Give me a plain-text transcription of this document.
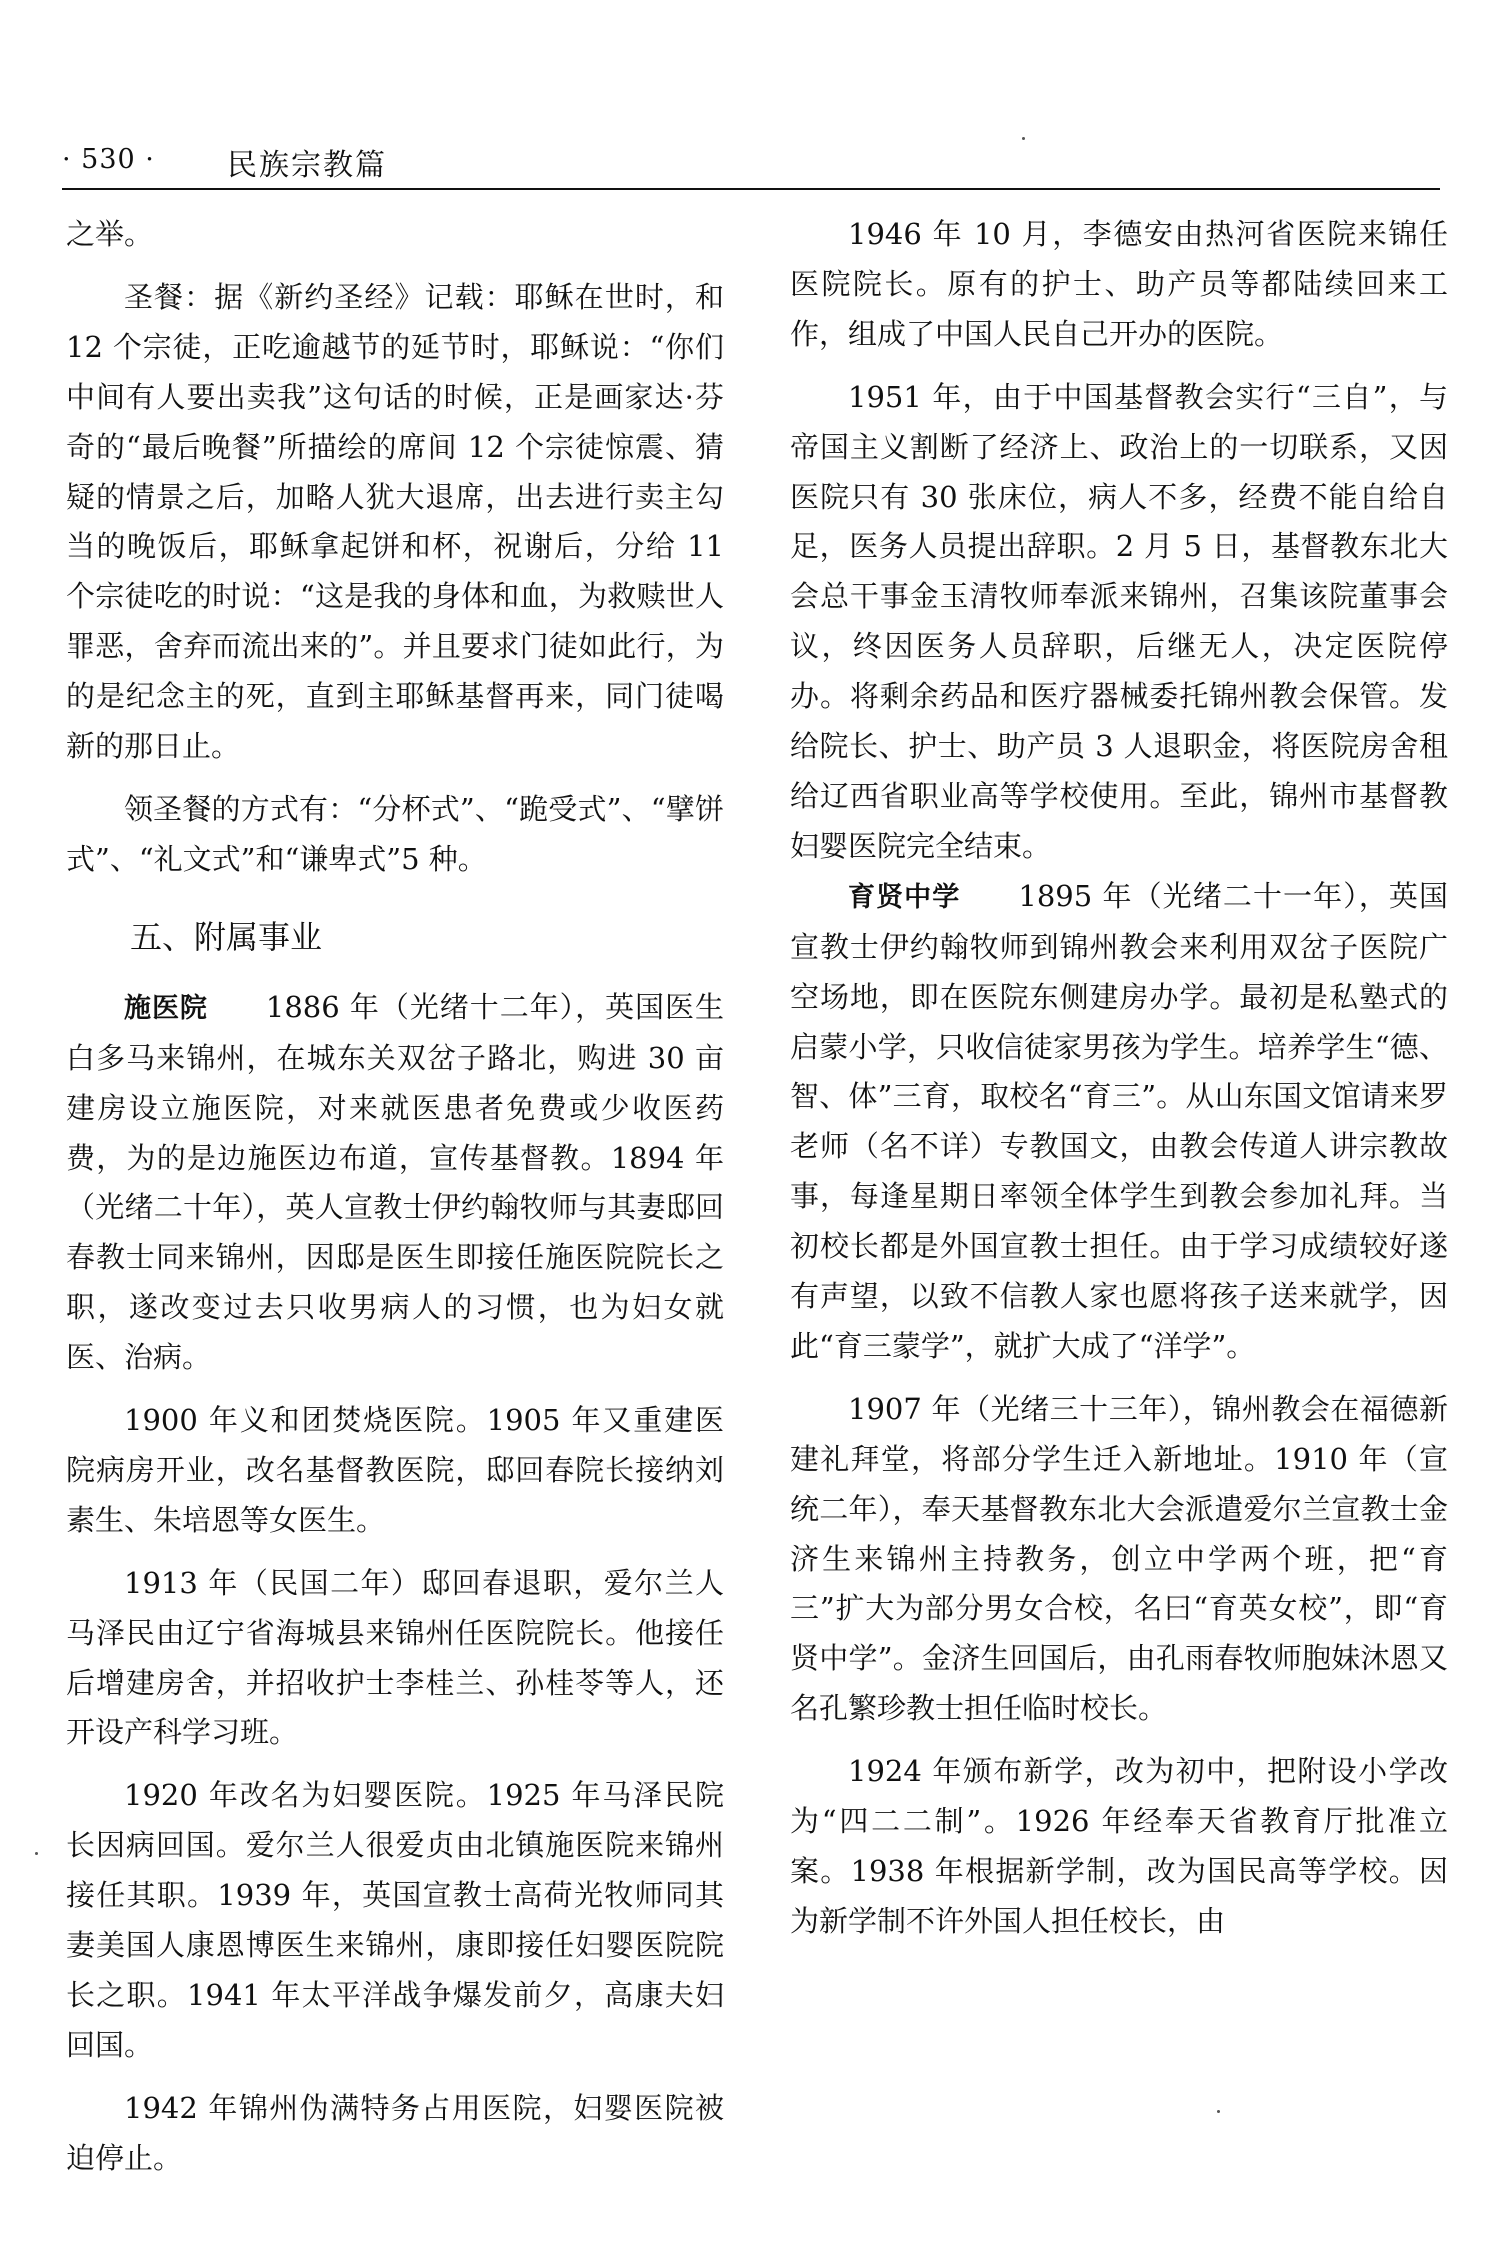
· 530 · 民族宗教篇

之举。

圣餐：据《新约圣经》记载：耶稣在世时，和 12 个宗徒，正吃逾越节的延节时，耶稣说：“你们中间有人要出卖我”这句话的时候，正是画家达·芬奇的“最后晚餐”所描绘的席间 12 个宗徒惊震、猜疑的情景之后，加略人犹大退席，出去进行卖主勾当的晚饭后，耶稣拿起饼和杯，祝谢后，分给 11 个宗徒吃的时说：“这是我的身体和血，为救赎世人罪恶，舍弃而流出来的”。并且要求门徒如此行，为的是纪念主的死，直到主耶稣基督再来，同门徒喝新的那日止。

领圣餐的方式有：“分杯式”、“跪受式”、“擘饼式”、“礼文式”和“谦卑式”5 种。

五、附属事业

施医院 1886 年（光绪十二年），英国医生白多马来锦州，在城东关双岔子路北，购进 30 亩建房设立施医院，对来就医患者免费或少收医药费，为的是边施医边布道，宣传基督教。1894 年（光绪二十年），英人宣教士伊约翰牧师与其妻邸回春教士同来锦州，因邸是医生即接任施医院院长之职，遂改变过去只收男病人的习惯，也为妇女就医、治病。

1900 年义和团焚烧医院。1905 年又重建医院病房开业，改名基督教医院，邸回春院长接纳刘素生、朱培恩等女医生。

1913 年（民国二年）邸回春退职，爱尔兰人马泽民由辽宁省海城县来锦州任医院院长。他接任后增建房舍，并招收护士李桂兰、孙桂苓等人，还开设产科学习班。

1920 年改名为妇婴医院。1925 年马泽民院长因病回国。爱尔兰人很爱贞由北镇施医院来锦州接任其职。1939 年，英国宣教士高荷光牧师同其妻美国人康恩博医生来锦州，康即接任妇婴医院院长之职。1941 年太平洋战争爆发前夕，高康夫妇回国。

1942 年锦州伪满特务占用医院，妇婴医院被迫停止。

1946 年 10 月，李德安由热河省医院来锦任医院院长。原有的护士、助产员等都陆续回来工作，组成了中国人民自己开办的医院。

1951 年，由于中国基督教会实行“三自”，与帝国主义割断了经济上、政治上的一切联系，又因医院只有 30 张床位，病人不多，经费不能自给自足，医务人员提出辞职。2 月 5 日，基督教东北大会总干事金玉清牧师奉派来锦州，召集该院董事会议，终因医务人员辞职，后继无人，决定医院停办。将剩余药品和医疗器械委托锦州教会保管。发给院长、护士、助产员 3 人退职金，将医院房舍租给辽西省职业高等学校使用。至此，锦州市基督教妇婴医院完全结束。

育贤中学 1895 年（光绪二十一年），英国宣教士伊约翰牧师到锦州教会来利用双岔子医院广空场地，即在医院东侧建房办学。最初是私塾式的启蒙小学，只收信徒家男孩为学生。培养学生“德、智、体”三育，取校名“育三”。从山东国文馆请来罗老师（名不详）专教国文，由教会传道人讲宗教故事，每逢星期日率领全体学生到教会参加礼拜。当初校长都是外国宣教士担任。由于学习成绩较好遂有声望，以致不信教人家也愿将孩子送来就学，因此“育三蒙学”，就扩大成了“洋学”。

1907 年（光绪三十三年），锦州教会在福德新建礼拜堂，将部分学生迁入新地址。1910 年（宣统二年），奉天基督教东北大会派遣爱尔兰宣教士金济生来锦州主持教务，创立中学两个班，把“育三”扩大为部分男女合校，名曰“育英女校”，即“育贤中学”。金济生回国后，由孔雨春牧师胞妹沐恩又名孔繁珍教士担任临时校长。

1924 年颁布新学，改为初中，把附设小学改为“四二二制”。1926 年经奉天省教育厅批准立案。1938 年根据新学制，改为国民高等学校。因为新学制不许外国人担任校长，由
